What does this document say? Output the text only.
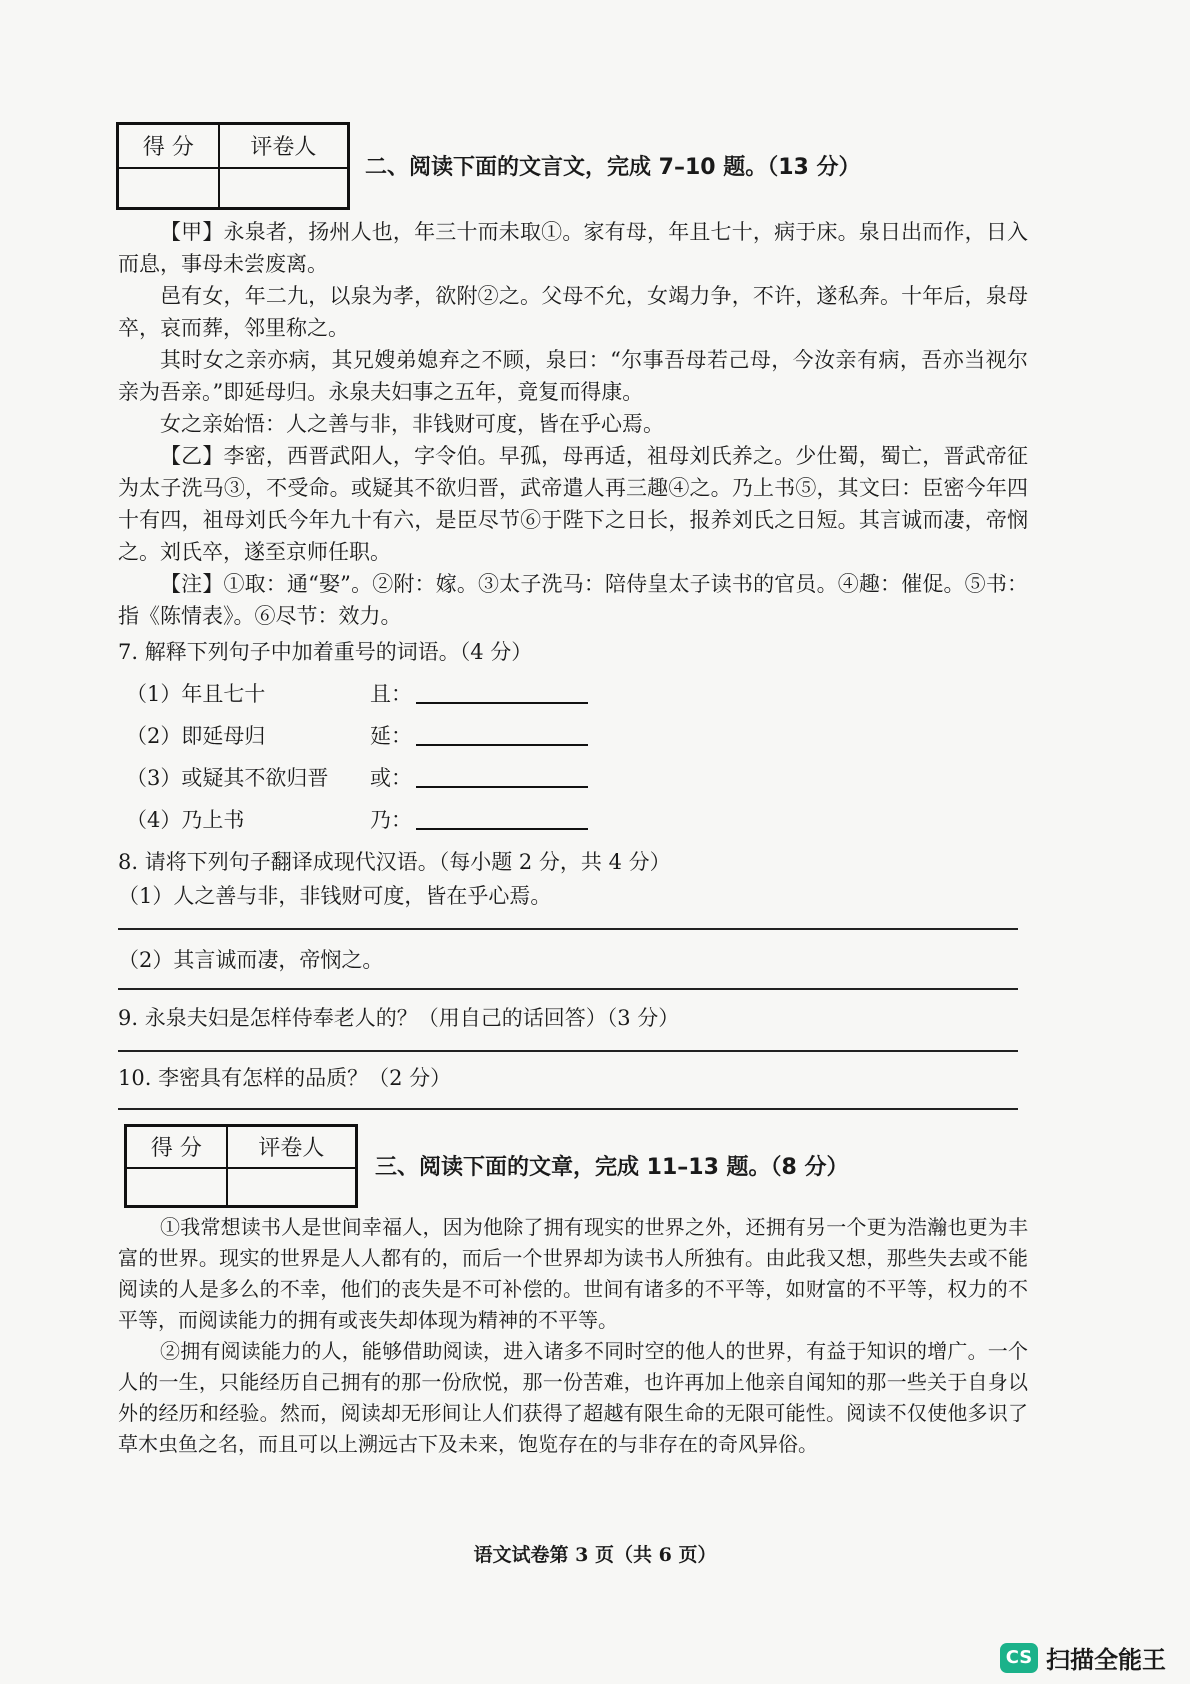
得 分	评卷人

二、阅读下面的文言文，完成 7–10 题。（13 分）

【甲】永泉者，扬州人也，年三十而未取①。家有母，年且七十，病于床。泉日出而作，日入而息，事母未尝废离。

邑有女，年二九，以泉为孝，欲附②之。父母不允，女竭力争，不许，遂私奔。十年后，泉母卒，哀而葬，邻里称之。

其时女之亲亦病，其兄嫂弟媳弃之不顾，泉曰：“尔事吾母若己母，今汝亲有病，吾亦当视尔亲为吾亲。”即延母归。永泉夫妇事之五年，竟复而得康。

女之亲始悟：人之善与非，非钱财可度，皆在乎心焉。

【乙】李密，西晋武阳人，字令伯。早孤，母再适，祖母刘氏养之。少仕蜀，蜀亡，晋武帝征为太子洗马③，不受命。或疑其不欲归晋，武帝遣人再三趣④之。乃上书⑤，其文曰：臣密今年四十有四，祖母刘氏今年九十有六，是臣尽节⑥于陛下之日长，报养刘氏之日短。其言诚而凄，帝悯之。刘氏卒，遂至京师任职。

【注】①取：通“娶”。②附：嫁。③太子洗马：陪侍皇太子读书的官员。④趣：催促。⑤书：指《陈情表》。⑥尽节：效力。

7. 解释下列句子中加着重号的词语。（4 分）
（1）年且七十	且：
（2）即延母归	延：
（3）或疑其不欲归晋 或：
（4）乃上书	乃：
8. 请将下列句子翻译成现代汉语。（每小题 2 分，共 4 分）
（1）人之善与非，非钱财可度，皆在乎心焉。
（2）其言诚而凄，帝悯之。
9. 永泉夫妇是怎样侍奉老人的？（用自己的话回答）（3 分）
10. 李密具有怎样的品质？（2 分）
得 分	评卷人

三、阅读下面的文章，完成 11–13 题。（8 分）

①我常想读书人是世间幸福人，因为他除了拥有现实的世界之外，还拥有另一个更为浩瀚也更为丰富的世界。现实的世界是人人都有的，而后一个世界却为读书人所独有。由此我又想，那些失去或不能阅读的人是多么的不幸，他们的丧失是不可补偿的。世间有诸多的不平等，如财富的不平等，权力的不平等，而阅读能力的拥有或丧失却体现为精神的不平等。

②拥有阅读能力的人，能够借助阅读，进入诸多不同时空的他人的世界，有益于知识的增广。一个人的一生，只能经历自己拥有的那一份欣悦，那一份苦难，也许再加上他亲自闻知的那一些关于自身以外的经历和经验。然而，阅读却无形间让人们获得了超越有限生命的无限可能性。阅读不仅使他多识了草木虫鱼之名，而且可以上溯远古下及未来，饱览存在的与非存在的奇风异俗。

语文试卷第 3 页（共 6 页）
CS 扫描全能王
